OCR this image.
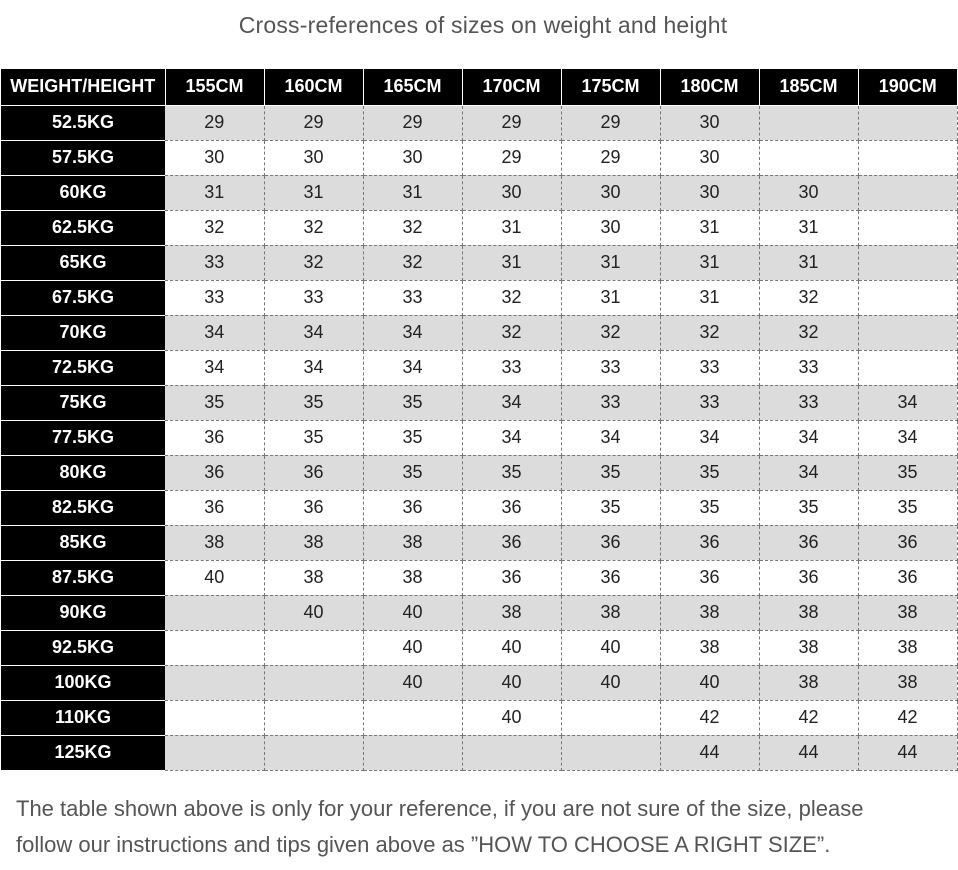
Cross-references of sizes on weight and height
WEIGHT/HEIGHT	155CM	160CM	165CM	170CM	175CM	180CM	185CM	190CM
52.5KG	29	29	29	29	29	30		
57.5KG	30	30	30	29	29	30		
60KG	31	31	31	30	30	30	30	
62.5KG	32	32	32	31	30	31	31	
65KG	33	32	32	31	31	31	31	
67.5KG	33	33	33	32	31	31	32	
70KG	34	34	34	32	32	32	32	
72.5KG	34	34	34	33	33	33	33	
75KG	35	35	35	34	33	33	33	34
77.5KG	36	35	35	34	34	34	34	34
80KG	36	36	35	35	35	35	34	35
82.5KG	36	36	36	36	35	35	35	35
85KG	38	38	38	36	36	36	36	36
87.5KG	40	38	38	36	36	36	36	36
90KG		40	40	38	38	38	38	38
92.5KG			40	40	40	38	38	38
100KG			40	40	40	40	38	38
110KG				40		42	42	42
125KG						44	44	44
The table shown above is only for your reference, if you are not sure of the size, please
follow our instructions and tips given above as ”HOW TO CHOOSE A RIGHT SIZE”.
